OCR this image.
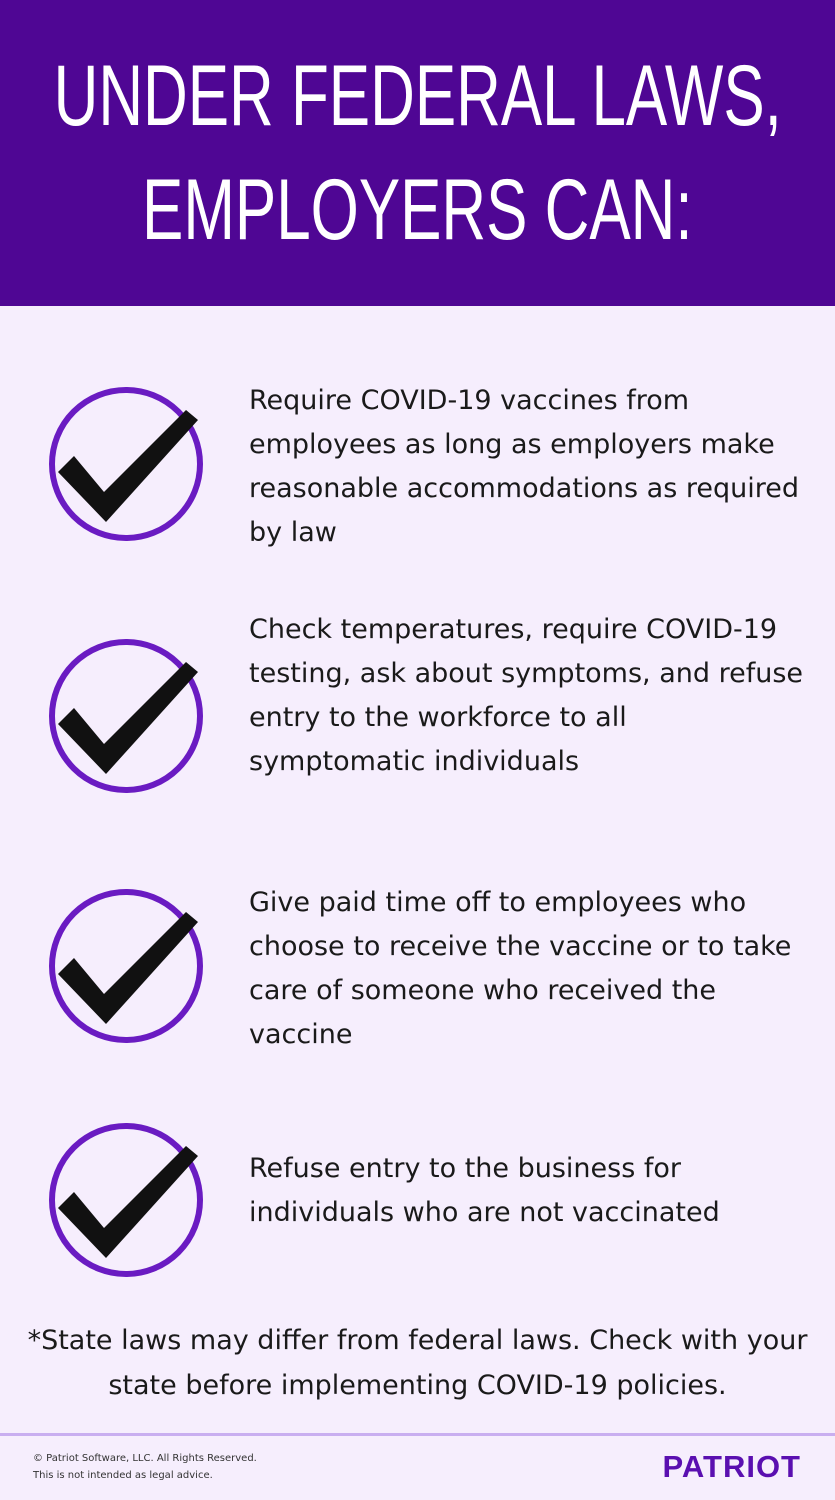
UNDER FEDERAL LAWS,
EMPLOYERS CAN:
Require COVID-19 vaccines from employees as long as employers make reasonable accommodations as required by law
Check temperatures, require COVID-19 testing, ask about symptoms, and refuse entry to the workforce to all symptomatic individuals
Give paid time off to employees who choose to receive the vaccine or to take care of someone who received the vaccine
Refuse entry to the business for individuals who are not vaccinated
*State laws may differ from federal laws. Check with your state before implementing COVID-19 policies.
© Patriot Software, LLC. All Rights Reserved.
This is not intended as legal advice.	PATRIOT
